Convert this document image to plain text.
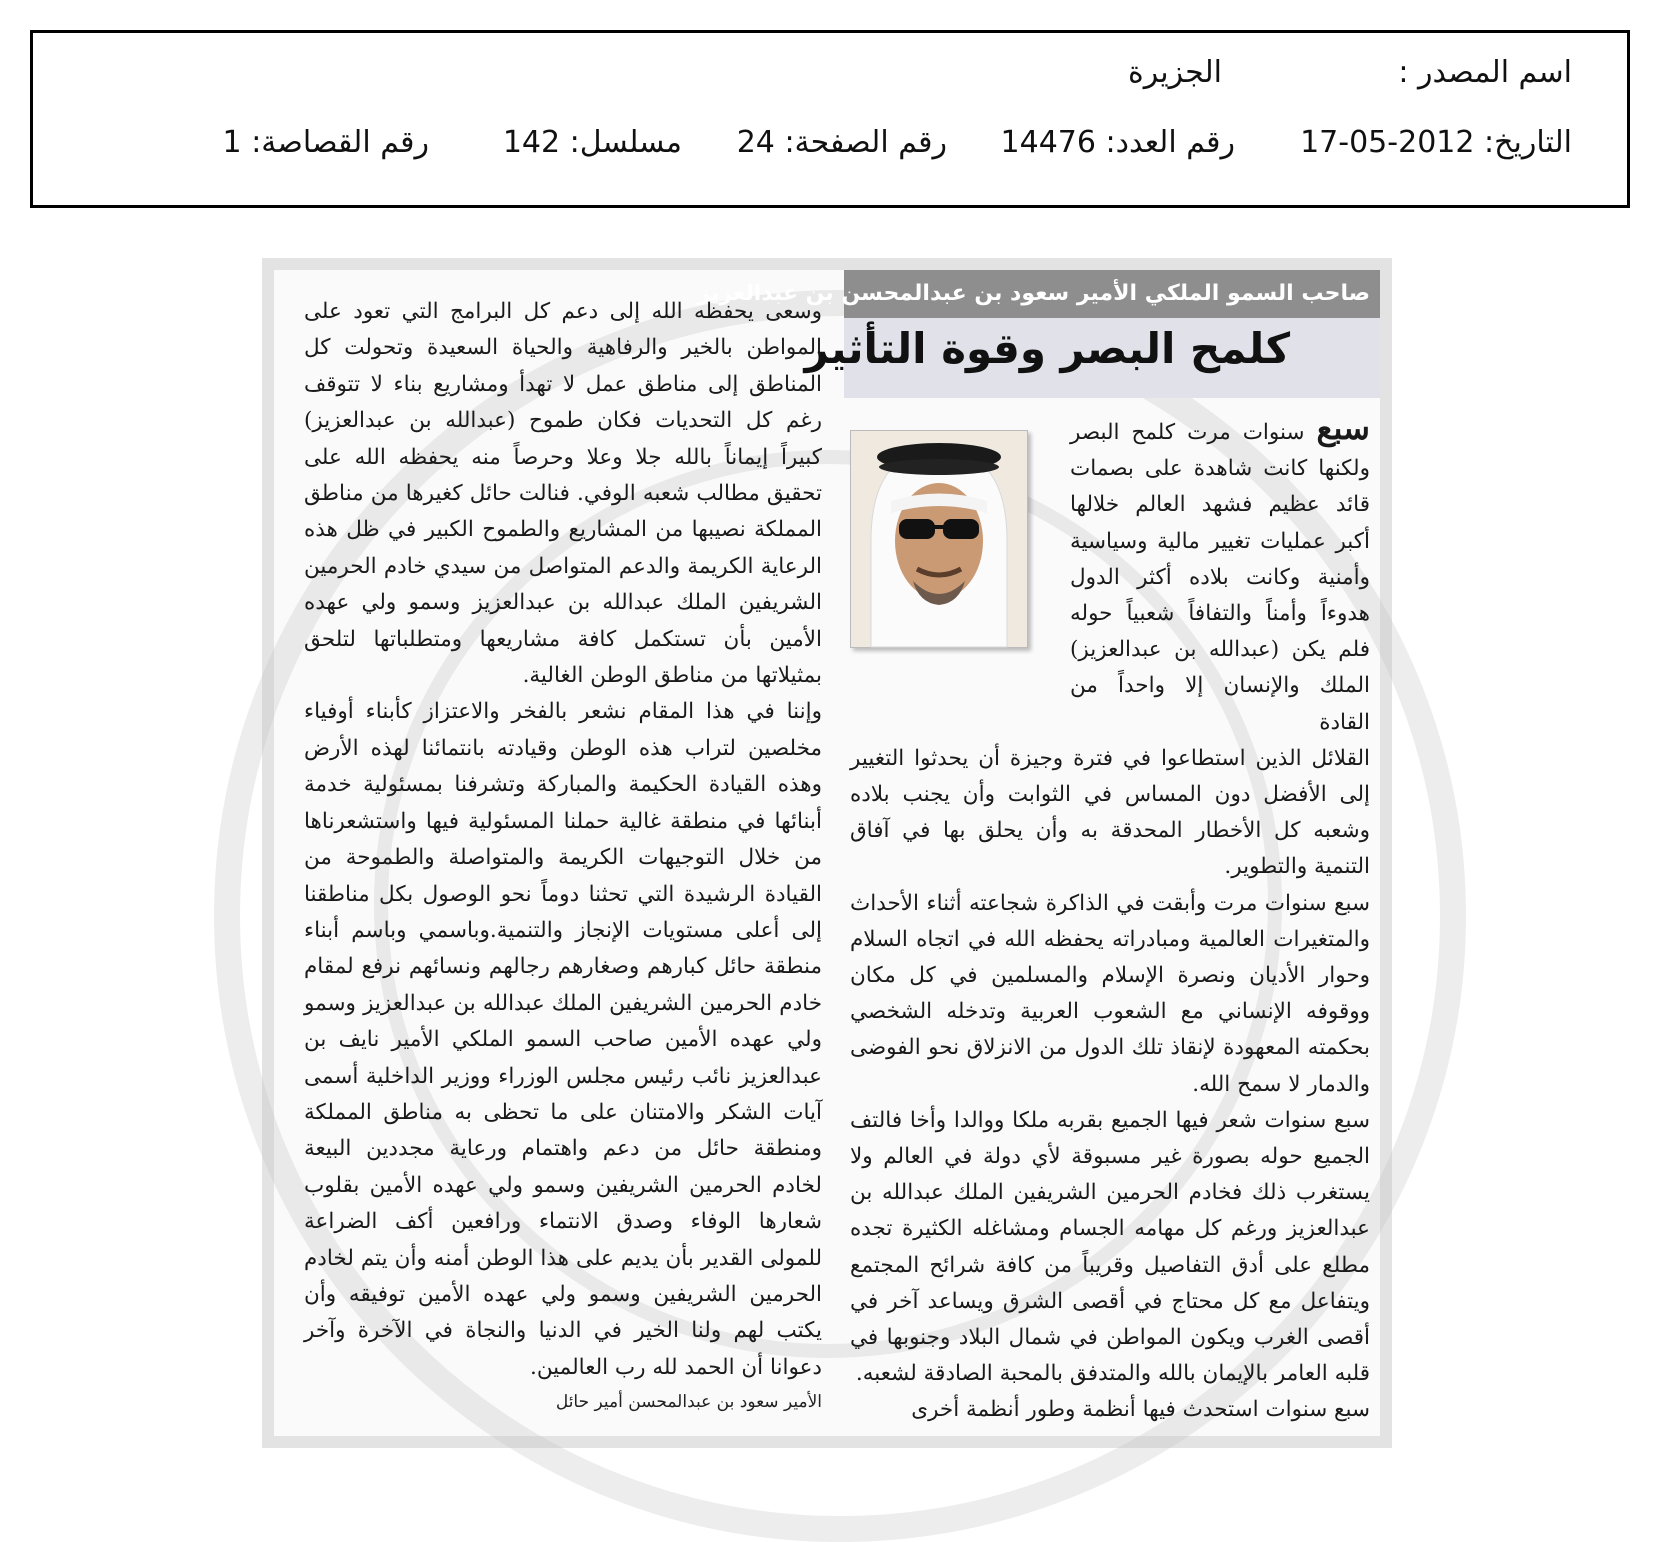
اسم المصدر :
الجزيرة
التاريخ: 2012-05-17
رقم العدد: 14476
رقم الصفحة: 24
مسلسل: 142
رقم القصاصة: 1
صاحب السمو الملكي الأمير سعود بن عبدالمحسن بن عبدالعزيز
كلمح البصر وقوة التأثير

سبع سنوات مرت كلمح البصر ولكنها كانت شاهدة على بصمات قائد عظيم فشهد العالم خلالها أكبر عمليات تغيير مالية وسياسية وأمنية وكانت بلاده أكثر الدول هدوءاً وأمناً والتفافاً شعبياً حوله فلم يكن (عبدالله بن عبدالعزيز) الملك والإنسان إلا واحداً من القادة

القلائل الذين استطاعوا في فترة وجيزة أن يحدثوا التغيير إلى الأفضل دون المساس في الثوابت وأن يجنب بلاده وشعبه كل الأخطار المحدقة به وأن يحلق بها في آفاق التنمية والتطوير.

سبع سنوات مرت وأبقت في الذاكرة شجاعته أثناء الأحداث والمتغيرات العالمية ومبادراته يحفظه الله في اتجاه السلام وحوار الأديان ونصرة الإسلام والمسلمين في كل مكان ووقوفه الإنساني مع الشعوب العربية وتدخله الشخصي بحكمته المعهودة لإنقاذ تلك الدول من الانزلاق نحو الفوضى والدمار لا سمح الله.

سبع سنوات شعر فيها الجميع بقربه ملكا ووالدا وأخا فالتف الجميع حوله بصورة غير مسبوقة لأي دولة في العالم ولا يستغرب ذلك فخادم الحرمين الشريفين الملك عبدالله بن عبدالعزيز ورغم كل مهامه الجسام ومشاغله الكثيرة تجده مطلع على أدق التفاصيل وقريباً من كافة شرائح المجتمع ويتفاعل مع كل محتاج في أقصى الشرق ويساعد آخر في أقصى الغرب ويكون المواطن في شمال البلاد وجنوبها في قلبه العامر بالإيمان بالله والمتدفق بالمحبة الصادقة لشعبه.

سبع سنوات استحدث فيها أنظمة وطور أنظمة أخرى

وسعى يحفظه الله إلى دعم كل البرامج التي تعود على المواطن بالخير والرفاهية والحياة السعيدة وتحولت كل المناطق إلى مناطق عمل لا تهدأ ومشاريع بناء لا تتوقف رغم كل التحديات فكان طموح (عبدالله بن عبدالعزيز) كبيراً إيماناً بالله جلا وعلا وحرصاً منه يحفظه الله على تحقيق مطالب شعبه الوفي. فنالت حائل كغيرها من مناطق المملكة نصيبها من المشاريع والطموح الكبير في ظل هذه الرعاية الكريمة والدعم المتواصل من سيدي خادم الحرمين الشريفين الملك عبدالله بن عبدالعزيز وسمو ولي عهده الأمين بأن تستكمل كافة مشاريعها ومتطلباتها لتلحق بمثيلاتها من مناطق الوطن الغالية.

وإننا في هذا المقام نشعر بالفخر والاعتزاز كأبناء أوفياء مخلصين لتراب هذه الوطن وقيادته بانتمائنا لهذه الأرض وهذه القيادة الحكيمة والمباركة وتشرفنا بمسئولية خدمة أبنائها في منطقة غالية حملنا المسئولية فيها واستشعرناها من خلال التوجيهات الكريمة والمتواصلة والطموحة من القيادة الرشيدة التي تحثنا دوماً نحو الوصول بكل مناطقنا إلى أعلى مستويات الإنجاز والتنمية.وباسمي وباسم أبناء منطقة حائل كبارهم وصغارهم رجالهم ونسائهم نرفع لمقام خادم الحرمين الشريفين الملك عبدالله بن عبدالعزيز وسمو ولي عهده الأمين صاحب السمو الملكي الأمير نايف بن عبدالعزيز نائب رئيس مجلس الوزراء ووزير الداخلية أسمى آيات الشكر والامتنان على ما تحظى به مناطق المملكة ومنطقة حائل من دعم واهتمام ورعاية مجددين البيعة لخادم الحرمين الشريفين وسمو ولي عهده الأمين بقلوب شعارها الوفاء وصدق الانتماء ورافعين أكف الضراعة للمولى القدير بأن يديم على هذا الوطن أمنه وأن يتم لخادم الحرمين الشريفين وسمو ولي عهده الأمين توفيقه وأن يكتب لهم ولنا الخير في الدنيا والنجاة في الآخرة وآخر دعوانا أن الحمد لله رب العالمين.

الأمير سعود بن عبدالمحسن أمير حائل
